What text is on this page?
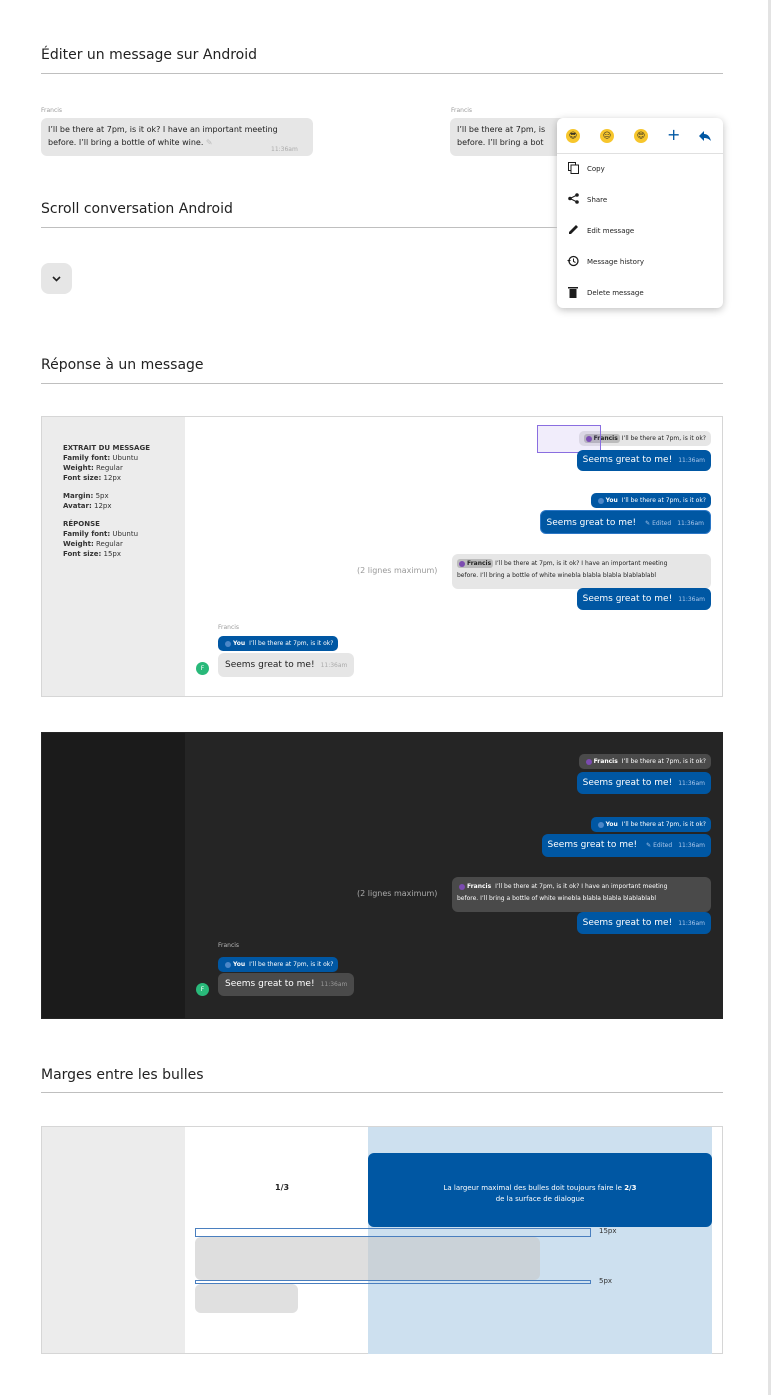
Éditer un message sur Android
Francis
I’ll be there at 7pm, is it ok? I have an important meeting
before. I’ll bring a bottle of white wine. ✎
11:36am
Francis
I’ll be there at 7pm, is
before. I’ll bring a bot
😎	😑	😍 +
Copy
Share
Edit message
Message history
Delete message
Scroll conversation Android
Réponse à un message
EXTRAIT DU MESSAGE
Family font: Ubuntu
Weight: Regular
Font size: 12px
Margin: 5px
Avatar: 12px
RÉPONSE
Family font: Ubuntu
Weight: Regular
Font size: 15px
Francis
I’ll be there at 7pm, is it ok?
Seems great to me! 11:36am
You
I’ll be there at 7pm, is it ok?
Seems great to me! ✎ Edited 11:36am
(2 lignes maximum)
Francis I’ll be there at 7pm, is it ok? I have an important meeting
before. I’ll bring a bottle of white winebla blabla blabla blablablabl
Seems great to me! 11:36am
Francis
You
I’ll be there at 7pm, is it ok?
Seems great to me! 11:36am
F
Francis
I’ll be there at 7pm, is it ok?
Seems great to me! 11:36am
You
I’ll be there at 7pm, is it ok?
Seems great to me! ✎ Edited 11:36am
(2 lignes maximum)
Francis I’ll be there at 7pm, is it ok? I have an important meeting
before. I’ll bring a bottle of white winebla blabla blabla blablablabl
Seems great to me! 11:36am
Francis
You
I’ll be there at 7pm, is it ok?
Seems great to me! 11:36am
F
Marges entre les bulles
1/3	La largeur maximal des bulles doit toujours faire le 2/3
de la surface de dialogue
15px
5px
